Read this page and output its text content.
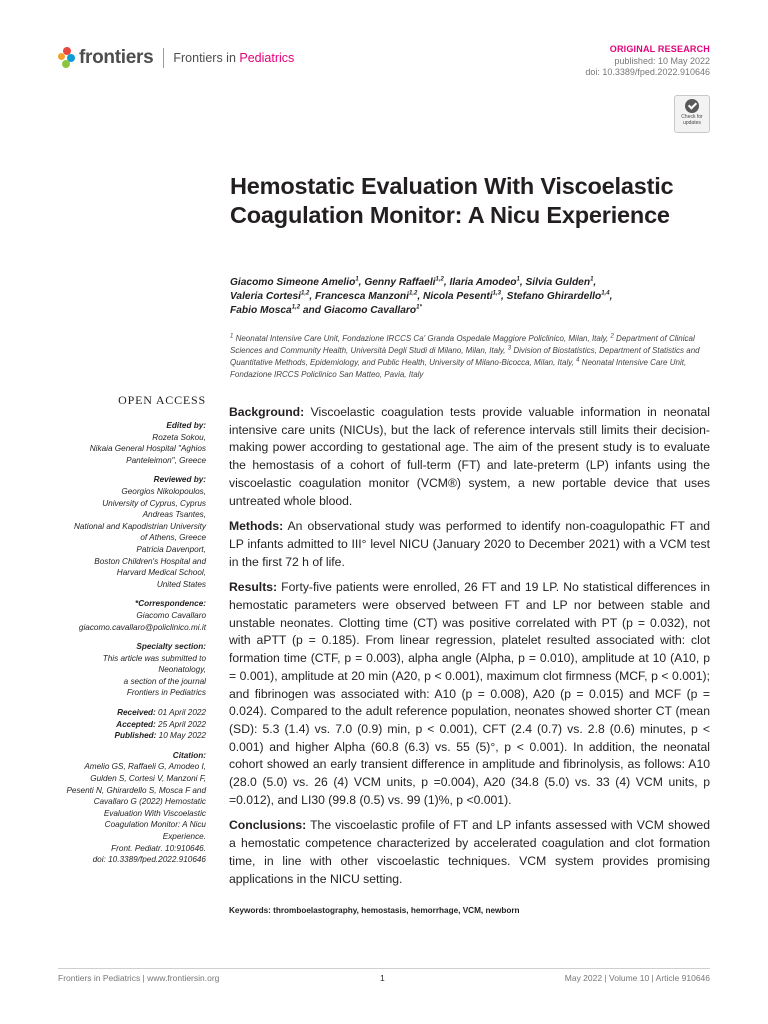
frontiers Frontiers in Pediatrics
ORIGINAL RESEARCH
published: 10 May 2022
doi: 10.3389/fped.2022.910646
Check for updates
Hemostatic Evaluation With Viscoelastic Coagulation Monitor: A Nicu Experience
Giacomo Simeone Amelio$^1$, Genny Raffaeli$^{1,2}$, Ilaria Amodeo$^1$, Silvia Gulden$^1$,
Valeria Cortesi$^{1,2}$, Francesca Manzoni$^{1,2}$, Nicola Pesenti$^{1,3}$, Stefano Ghirardello$^{1,4}$,
Fabio Mosca$^{1,2}$ and Giacomo Cavallaro$^{1*}$
$^1$ Neonatal Intensive Care Unit, Fondazione IRCCS Ca' Granda Ospedale Maggiore Policlinico, Milan, Italy, $^2$ Department of Clinical Sciences and Community Health, Università Degli Studi di Milano, Milan, Italy, $^3$ Division of Biostatistics, Department of Statistics and Quantitative Methods, Epidemiology, and Public Health, University of Milano-Bicocca, Milan, Italy, $^4$ Neonatal Intensive Care Unit, Fondazione IRCCS Policlinico San Matteo, Pavia, Italy
OPEN ACCESS
Edited by:
Rozeta Sokou,
Nikaia General Hospital "Aghios
Panteleimon", Greece
Reviewed by:
Georgios Nikolopoulos,
University of Cyprus, Cyprus
Andreas Tsantes,
National and Kapodistrian University
of Athens, Greece
Patricia Davenport,
Boston Children's Hospital and
Harvard Medical School,
United States
*Correspondence:
Giacomo Cavallaro
giacomo.cavallaro@policlinico.mi.it
Specialty section:
This article was submitted to
Neonatology,
a section of the journal
Frontiers in Pediatrics
Received: 01 April 2022
Accepted: 25 April 2022
Published: 10 May 2022
Citation:
Amelio GS, Raffaeli G, Amodeo I,
Gulden S, Cortesi V, Manzoni F,
Pesenti N, Ghirardello S, Mosca F and
Cavallaro G (2022) Hemostatic
Evaluation With Viscoelastic
Coagulation Monitor: A Nicu
Experience.
Front. Pediatr. 10:910646.
doi: 10.3389/fped.2022.910646

Background: Viscoelastic coagulation tests provide valuable information in neonatal intensive care units (NICUs), but the lack of reference intervals still limits their decision-making power according to gestational age. The aim of the present study is to evaluate the hemostasis of a cohort of full-term (FT) and late-preterm (LP) infants using the viscoelastic coagulation monitor (VCM®) system, a new portable device that uses untreated whole blood.

Methods: An observational study was performed to identify non-coagulopathic FT and LP infants admitted to III° level NICU (January 2020 to December 2021) with a VCM test in the first 72 h of life.

Results: Forty-five patients were enrolled, 26 FT and 19 LP. No statistical differences in hemostatic parameters were observed between FT and LP nor between stable and unstable neonates. Clotting time (CT) was positive correlated with PT (p = 0.032), not with aPTT (p = 0.185). From linear regression, platelet resulted associated with: clot formation time (CTF, p = 0.003), alpha angle (Alpha, p = 0.010), amplitude at 10 (A10, p = 0.001), amplitude at 20 min (A20, p < 0.001), maximum clot firmness (MCF, p < 0.001); and fibrinogen was associated with: A10 (p = 0.008), A20 (p = 0.015) and MCF (p = 0.024). Compared to the adult reference population, neonates showed shorter CT (mean (SD): 5.3 (1.4) vs. 7.0 (0.9) min, p < 0.001), CFT (2.4 (0.7) vs. 2.8 (0.6) minutes, p < 0.001) and higher Alpha (60.8 (6.3) vs. 55 (5)°, p < 0.001). In addition, the neonatal cohort showed an early transient difference in amplitude and fibrinolysis, as follows: A10 (28.0 (5.0) vs. 26 (4) VCM units, p =0.004), A20 (34.8 (5.0) vs. 33 (4) VCM units, p =0.012), and LI30 (99.8 (0.5) vs. 99 (1)%, p <0.001).

Conclusions: The viscoelastic profile of FT and LP infants assessed with VCM showed a hemostatic competence characterized by accelerated coagulation and clot formation time, in line with other viscoelastic techniques. VCM system provides promising applications in the NICU setting.

Keywords: thromboelastography, hemostasis, hemorrhage, VCM, newborn
Frontiers in Pediatrics | www.frontiersin.org	1	May 2022 | Volume 10 | Article 910646
